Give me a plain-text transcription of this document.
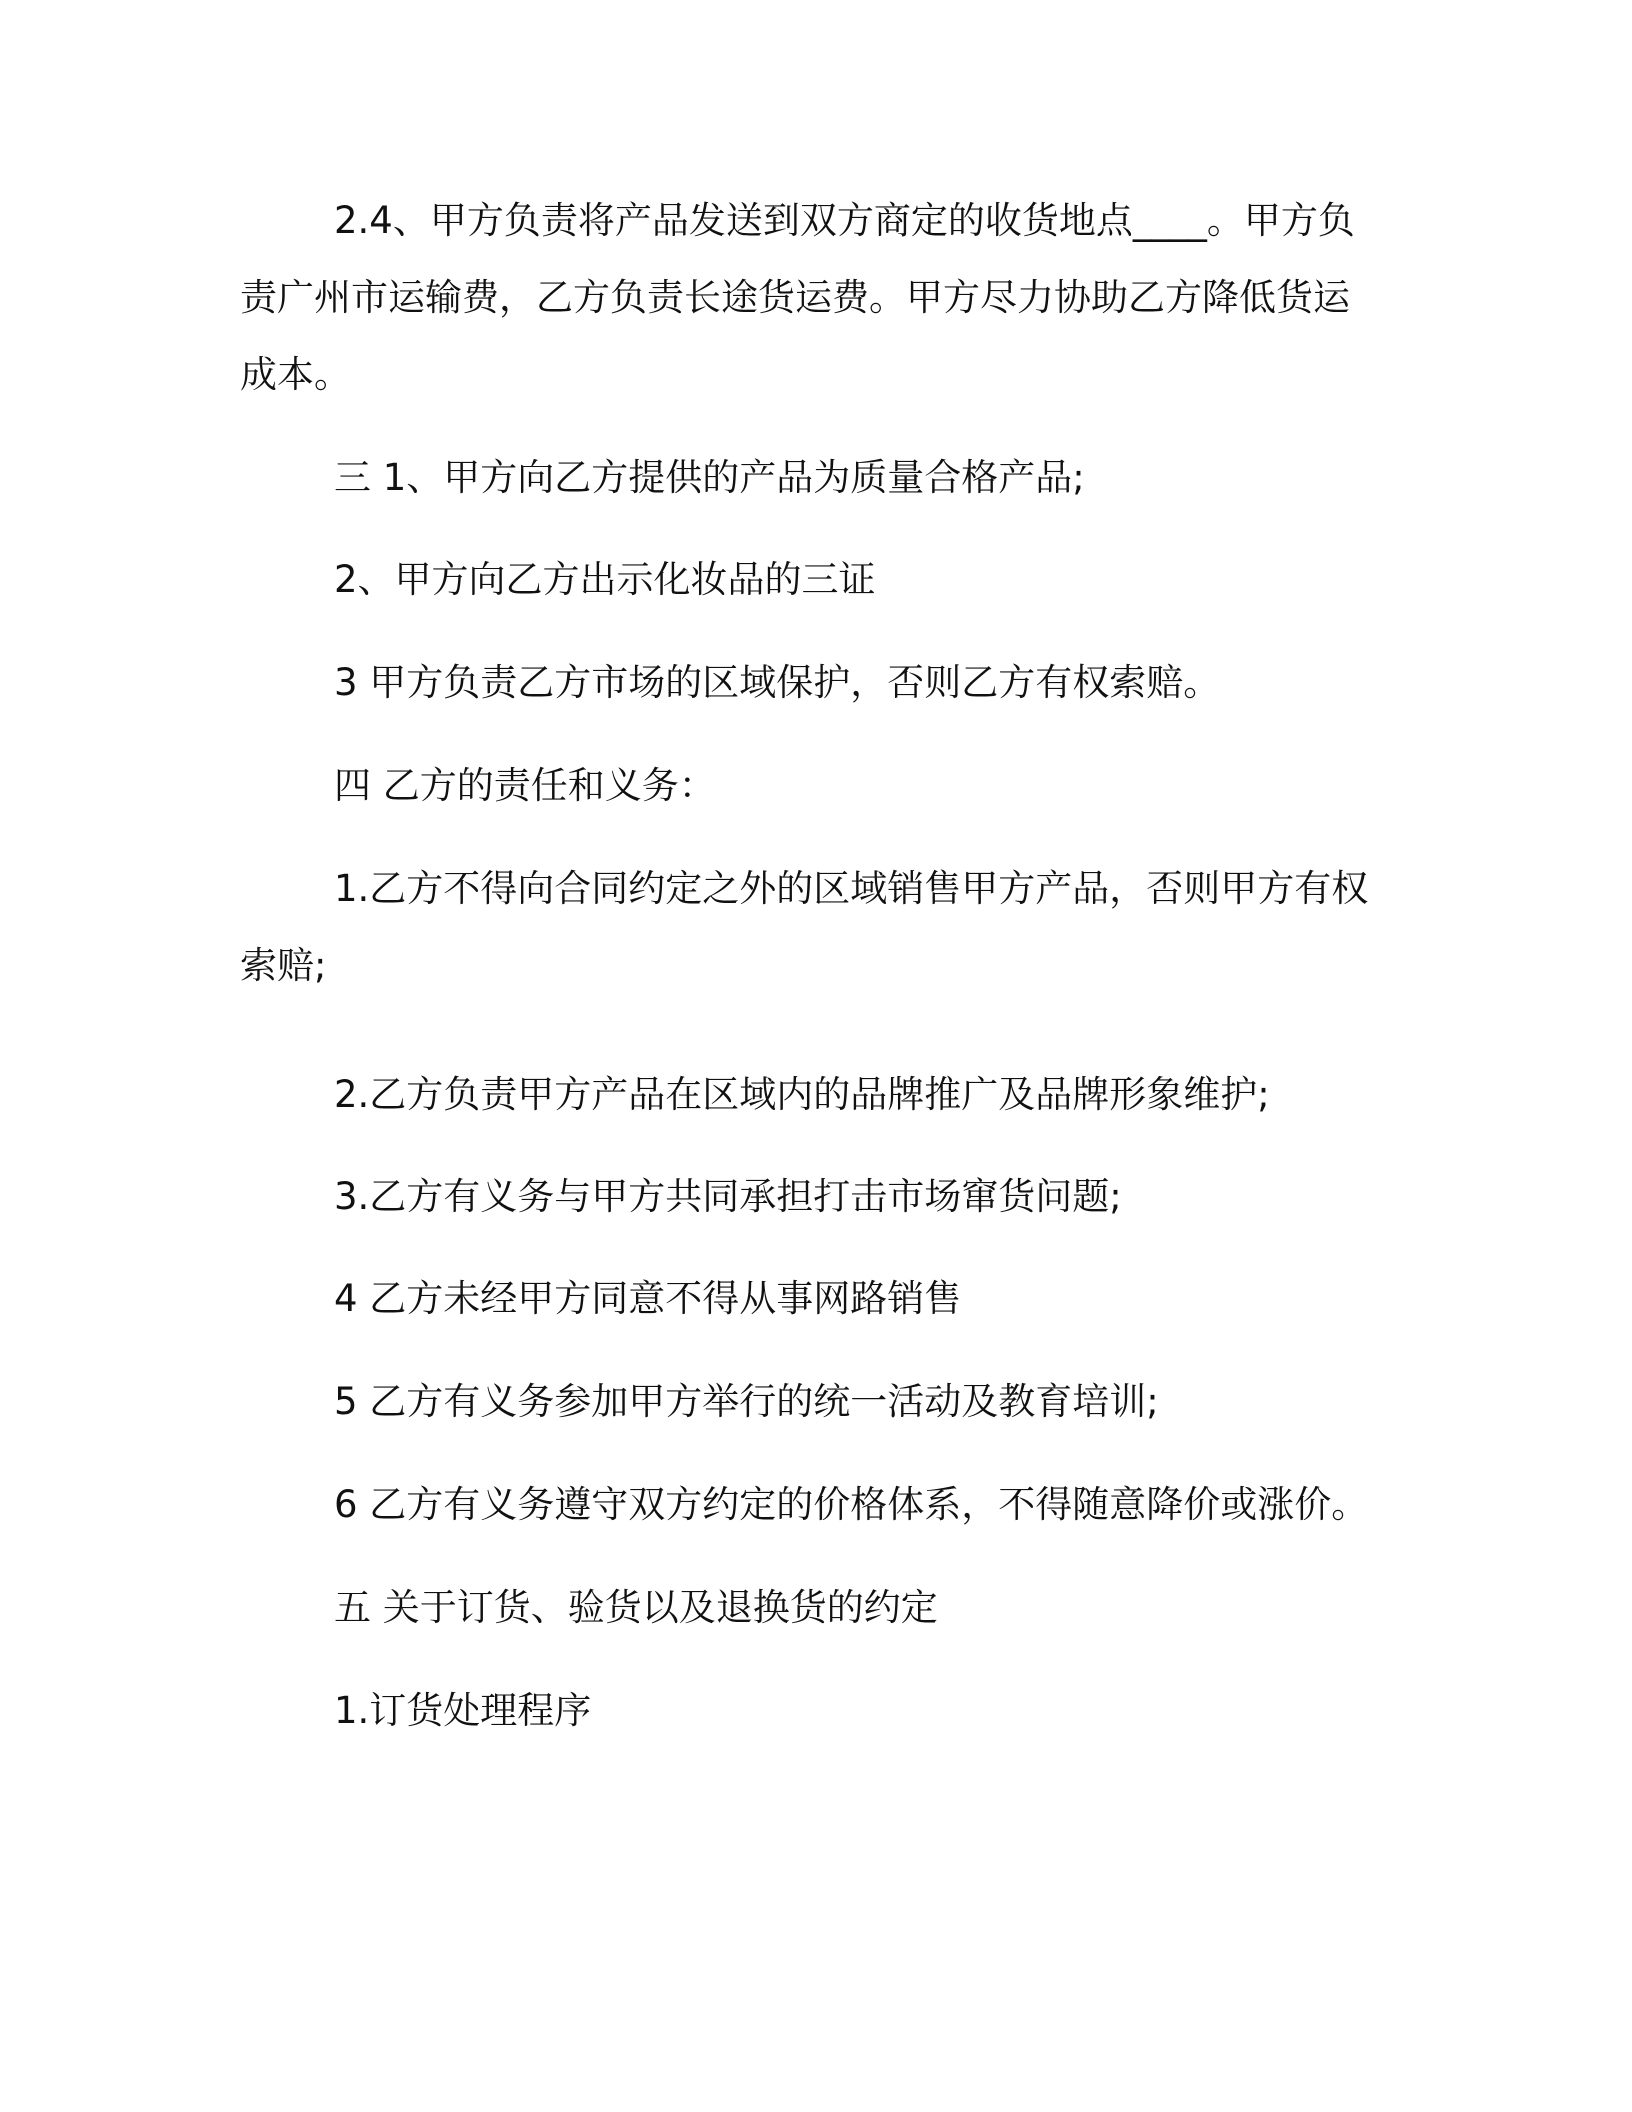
2.4、甲方负责将产品发送到双方商定的收货地点____。甲方负责广州市运输费，乙方负责长途货运费。甲方尽力协助乙方降低货运成本。

三 1、甲方向乙方提供的产品为质量合格产品;

2、甲方向乙方出示化妆品的三证

3 甲方负责乙方市场的区域保护，否则乙方有权索赔。

四 乙方的责任和义务：

1.乙方不得向合同约定之外的区域销售甲方产品，否则甲方有权索赔;

2.乙方负责甲方产品在区域内的品牌推广及品牌形象维护;

3.乙方有义务与甲方共同承担打击市场窜货问题;

4 乙方未经甲方同意不得从事网路销售

5 乙方有义务参加甲方举行的统一活动及教育培训;

6 乙方有义务遵守双方约定的价格体系，不得随意降价或涨价。

五 关于订货、验货以及退换货的约定

1.订货处理程序
